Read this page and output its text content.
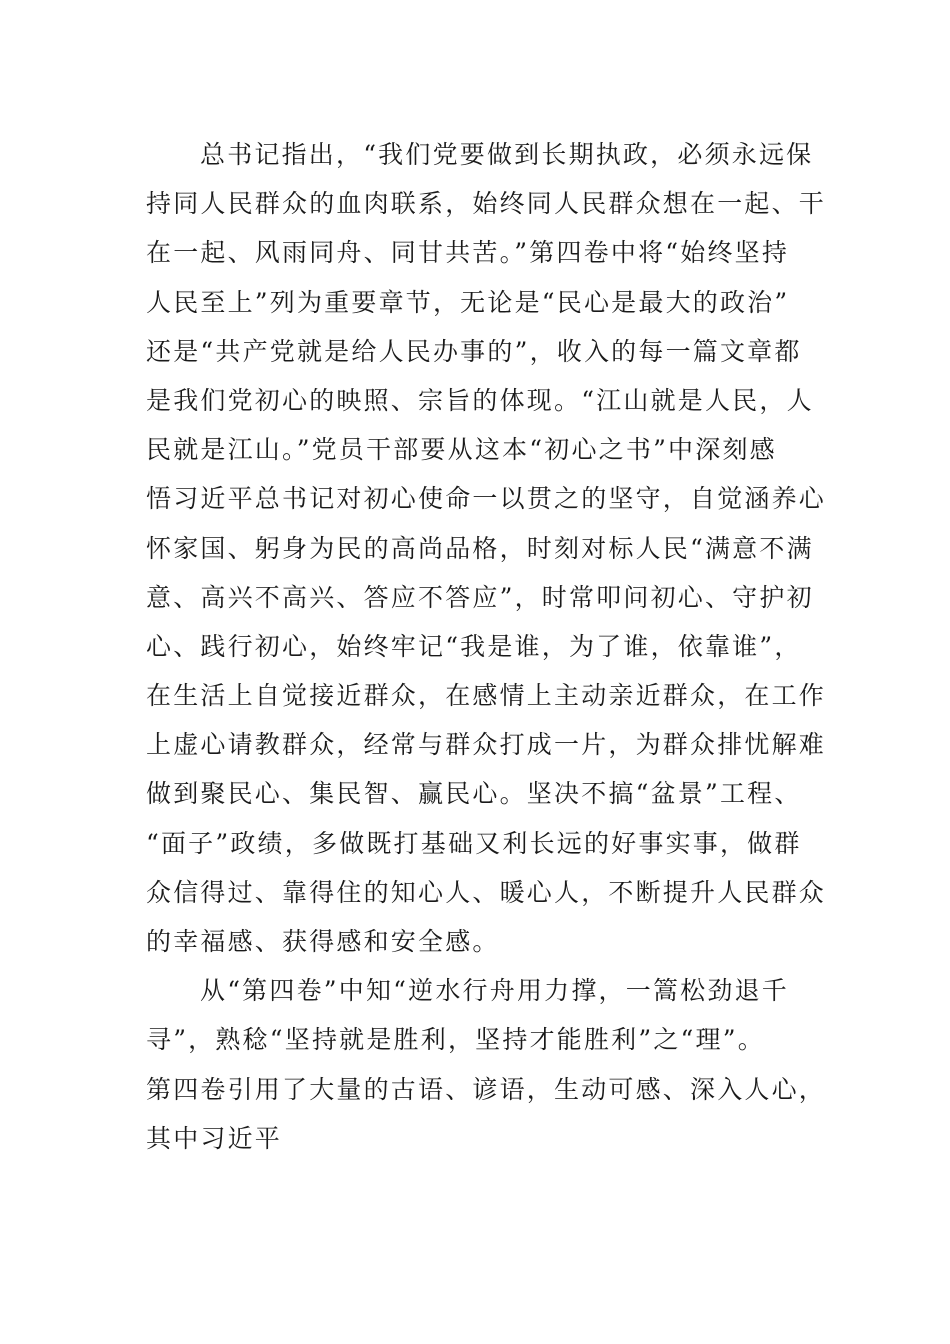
总书记指出，“我们党要做到长期执政，必须永远保
持同人民群众的血肉联系，始终同人民群众想在一起、干
在一起、风雨同舟、同甘共苦。”第四卷中将“始终坚持
人民至上”列为重要章节，无论是“民心是最大的政治”
还是“共产党就是给人民办事的”，收入的每一篇文章都
是我们党初心的映照、宗旨的体现。“江山就是人民，人
民就是江山。”党员干部要从这本“初心之书”中深刻感
悟习近平总书记对初心使命一以贯之的坚守，自觉涵养心
怀家国、躬身为民的高尚品格，时刻对标人民“满意不满
意、高兴不高兴、答应不答应”，时常叩问初心、守护初
心、践行初心，始终牢记“我是谁，为了谁，依靠谁”，
在生活上自觉接近群众，在感情上主动亲近群众，在工作
上虚心请教群众，经常与群众打成一片，为群众排忧解难
做到聚民心、集民智、赢民心。坚决不搞“盆景”工程、
“面子”政绩，多做既打基础又利长远的好事实事，做群
众信得过、靠得住的知心人、暖心人，不断提升人民群众
的幸福感、获得感和安全感。
从“第四卷”中知“逆水行舟用力撑，一篙松劲退千
寻”，熟稔“坚持就是胜利，坚持才能胜利”之“理”。
第四卷引用了大量的古语、谚语，生动可感、深入人心，
其中习近平
